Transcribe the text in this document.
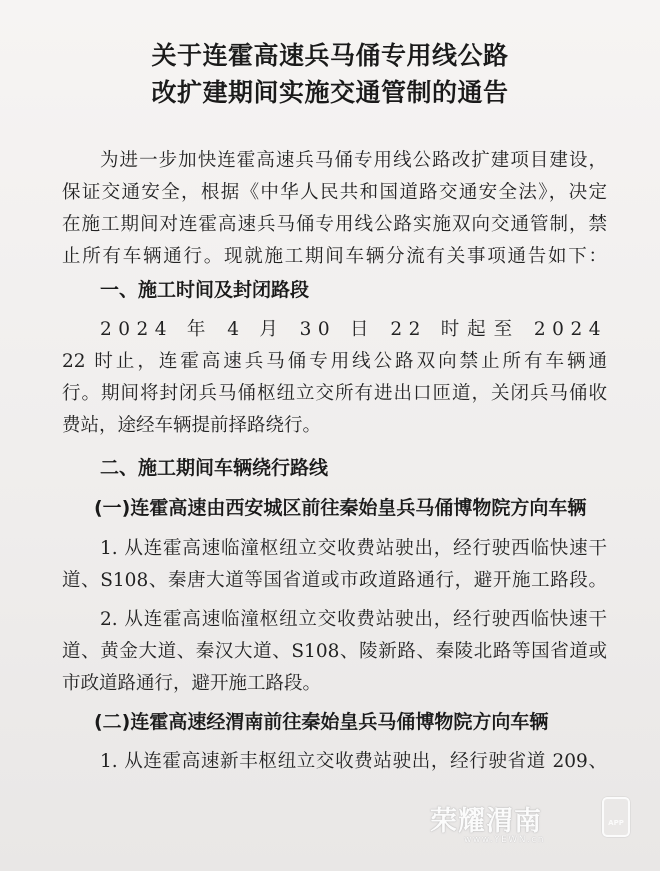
关于连霍高速兵马俑专用线公路
改扩建期间实施交通管制的通告
为进一步加快连霍高速兵马俑专用线公路改扩建项目建设，
保证交通安全，根据《中华人民共和国道路交通安全法》，决定
在施工期间对连霍高速兵马俑专用线公路实施双向交通管制，禁
止所有车辆通行。现就施工期间车辆分流有关事项通告如下：
一、施工时间及封闭路段
2024 年 4 月 30 日 22 时起至 2024
22 时止，连霍高速兵马俑专用线公路双向禁止所有车辆通
行。期间将封闭兵马俑枢纽立交所有进出口匝道，关闭兵马俑收
费站，途经车辆提前择路绕行。
二、施工期间车辆绕行路线
(一)连霍高速由西安城区前往秦始皇兵马俑博物院方向车辆
1. 从连霍高速临潼枢纽立交收费站驶出，经行驶西临快速干
道、S108、秦唐大道等国省道或市政道路通行，避开施工路段。
2. 从连霍高速临潼枢纽立交收费站驶出，经行驶西临快速干
道、黄金大道、秦汉大道、S108、陵新路、秦陵北路等国省道或
市政道路通行，避开施工路段。
(二)连霍高速经渭南前往秦始皇兵马俑博物院方向车辆
1. 从连霍高速新丰枢纽立交收费站驶出，经行驶省道 209、
荣耀渭南
www.YEWN.cn
APP
